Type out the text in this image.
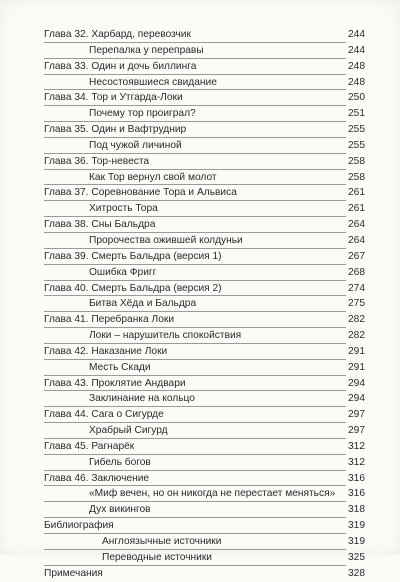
Глава 32. Харбард, перевозчик	244
Перепалка у переправы	244
Глава 33. Один и дочь биллинга	248
Несостоявшиеся свидание	248
Глава 34. Тор и Утгарда-Локи	250
Почему тор проиграл?	251
Глава 35. Один и Вафтруднир	255
Под чужой личиной	255
Глава 36. Тор-невеста	258
Как Тор вернул свой молот	258
Глава 37. Соревнование Тора и Альвиса	261
Хитрость Тора	261
Глава 38. Сны Бальдра	264
Пророчества ожившей колдуньи	264
Глава 39. Смерть Бальдра (версия 1)	267
Ошибка Фригг	268
Глава 40. Смерть Бальдра (версия 2)	274
Битва Хёда и Бальдра	275
Глава 41. Перебранка Локи	282
Локи – нарушитель спокойствия	282
Глава 42. Наказание Локи	291
Месть Скади	291
Глава 43. Проклятие Андвари	294
Заклинание на кольцо	294
Глава 44. Сага о Сигурде	297
Храбрый Сигурд	297
Глава 45. Рагнарёк	312
Гибель богов	312
Глава 46. Заключение	316
«Миф вечен, но он никогда не перестает меняться» 316
Дух викингов	318
Библиография	319
Англоязычные источники	319
Переводные источники	325
Примечания	328
